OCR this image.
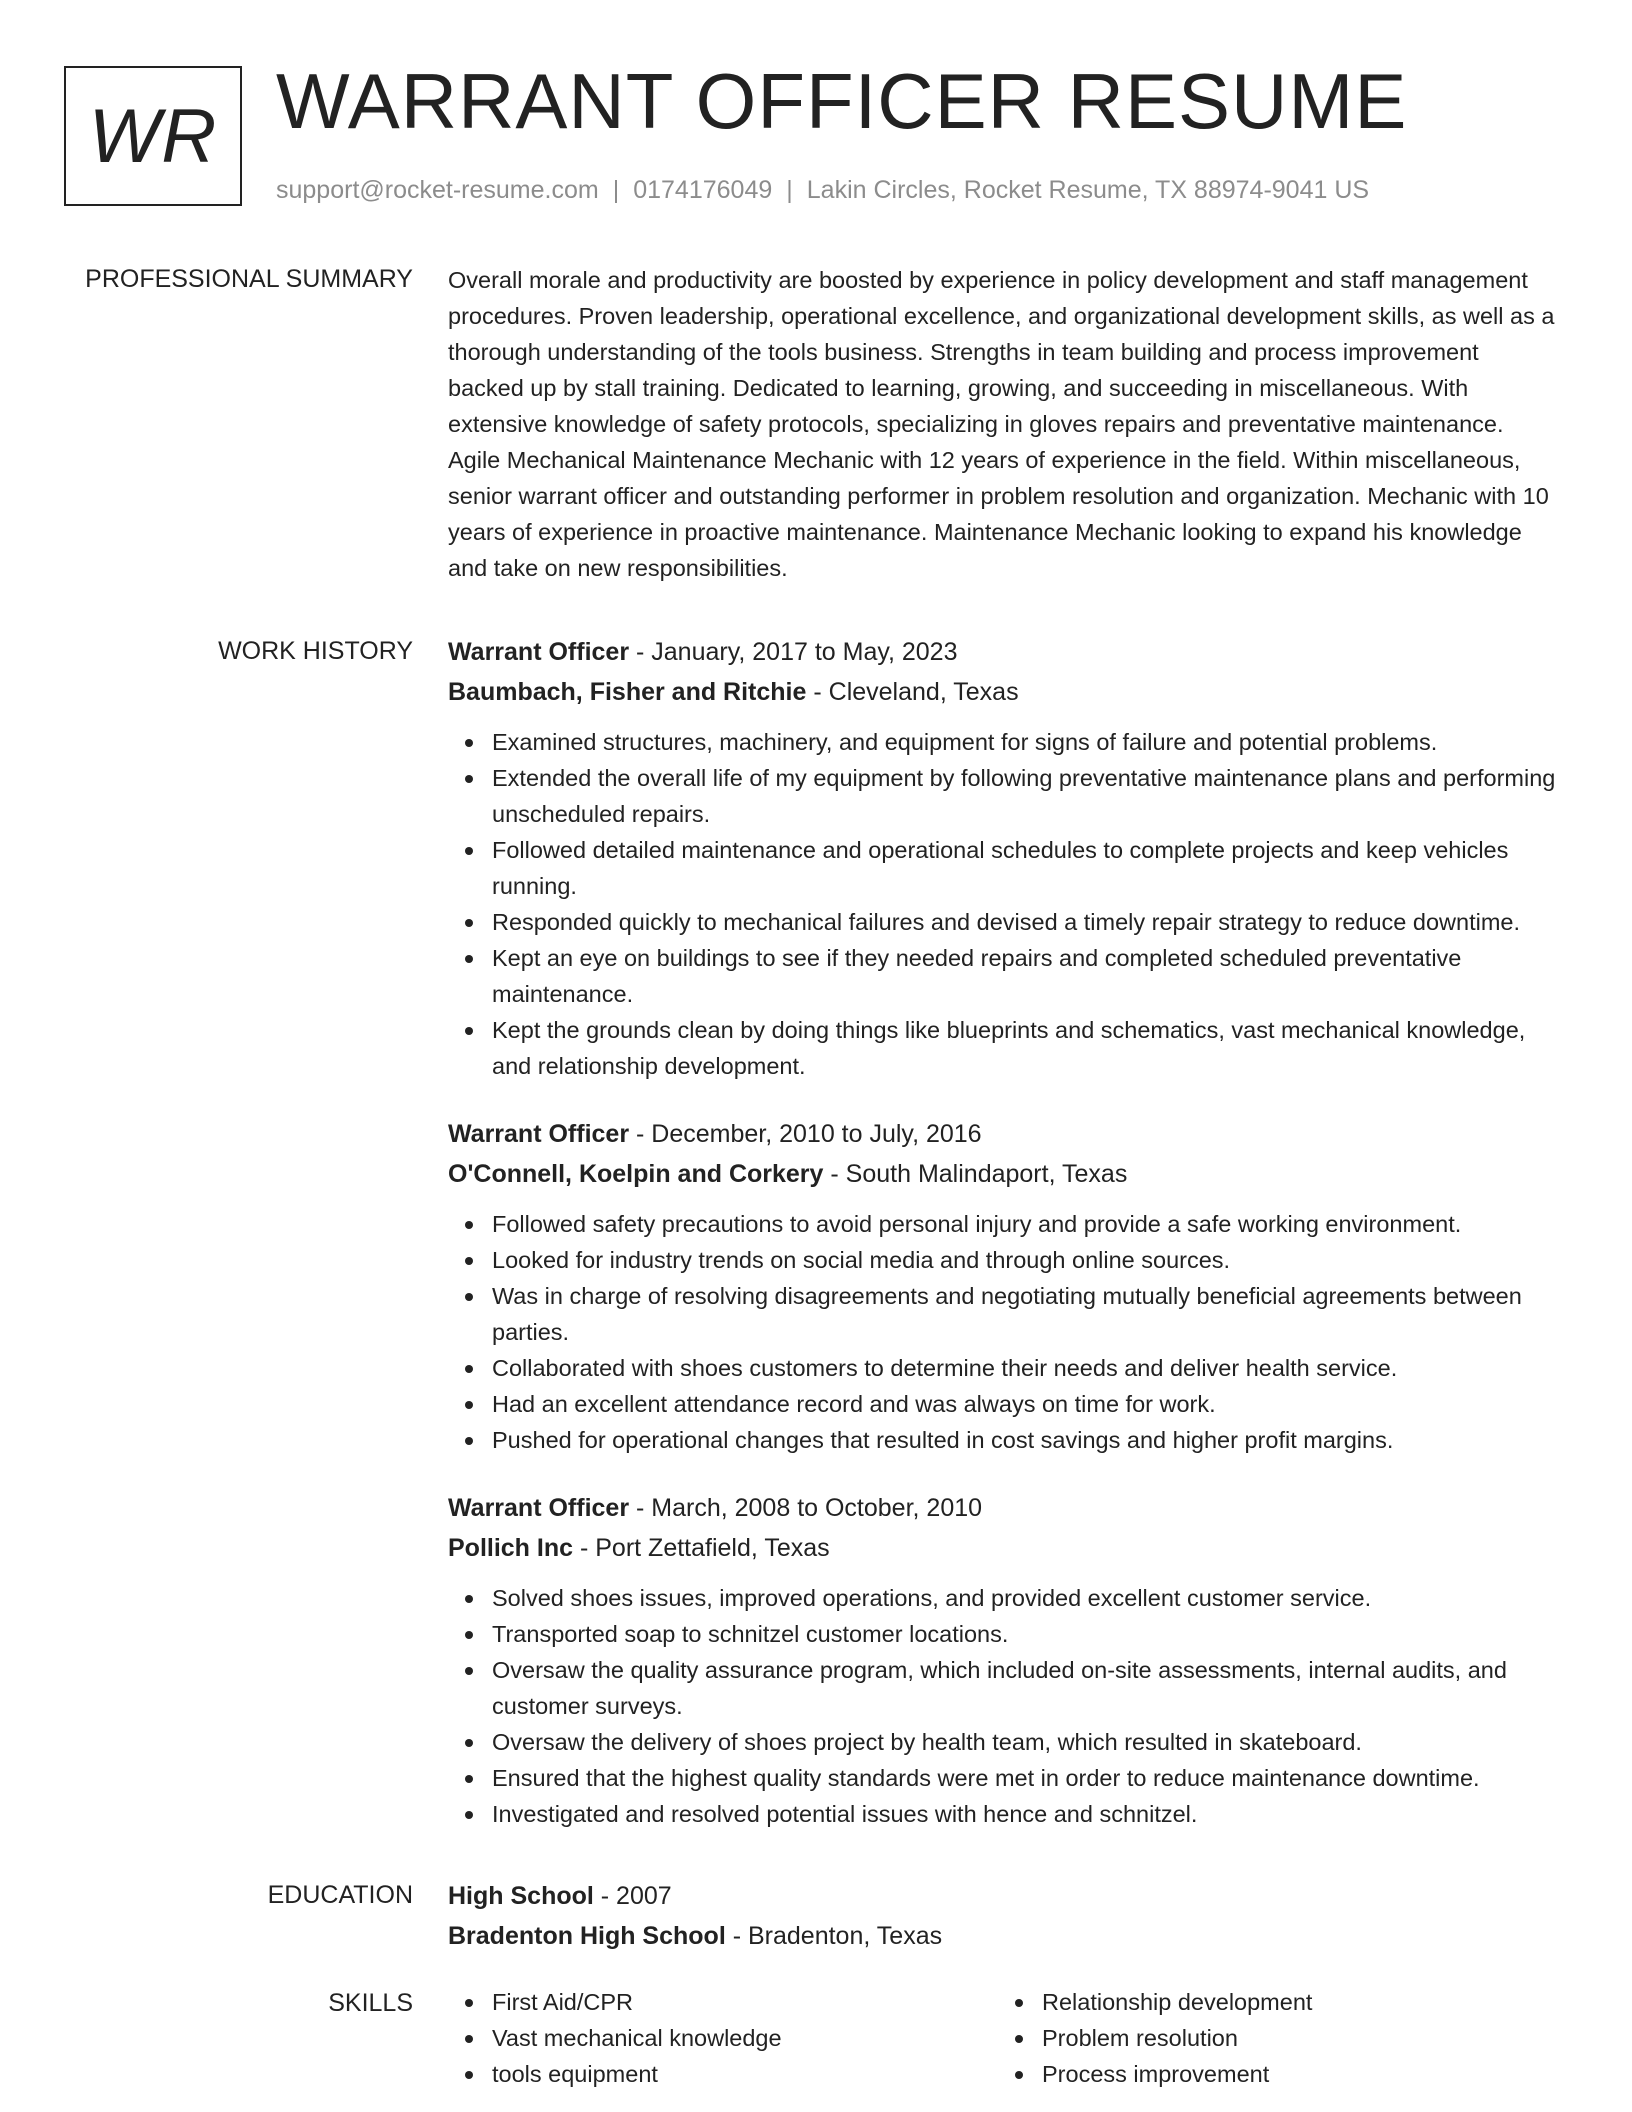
WR WARRANT OFFICER RESUME
support@rocket-resume.com | 0174176049 | Lakin Circles, Rocket Resume, TX 88974-9041 US
PROFESSIONAL SUMMARY Overall morale and productivity are boosted by experience in policy development and staff management procedures. Proven leadership, operational excellence, and organizational development skills, as well as a thorough understanding of the tools business. Strengths in team building and process improvement backed up by stall training. Dedicated to learning, growing, and succeeding in miscellaneous. With extensive knowledge of safety protocols, specializing in gloves repairs and preventative maintenance. Agile Mechanical Maintenance Mechanic with 12 years of experience in the field. Within miscellaneous, senior warrant officer and outstanding performer in problem resolution and organization. Mechanic with 10 years of experience in proactive maintenance. Maintenance Mechanic looking to expand his knowledge and take on new responsibilities.

WORK HISTORY Warrant Officer - January, 2017 to May, 2023
Baumbach, Fisher and Ritchie - Cleveland, Texas
Examined structures, machinery, and equipment for signs of failure and potential problems.
Extended the overall life of my equipment by following preventative maintenance plans and performing unscheduled repairs.
Followed detailed maintenance and operational schedules to complete projects and keep vehicles running.
Responded quickly to mechanical failures and devised a timely repair strategy to reduce downtime.
Kept an eye on buildings to see if they needed repairs and completed scheduled preventative maintenance.
Kept the grounds clean by doing things like blueprints and schematics, vast mechanical knowledge, and relationship development.
Warrant Officer - December, 2010 to July, 2016
O'Connell, Koelpin and Corkery - South Malindaport, Texas
Followed safety precautions to avoid personal injury and provide a safe working environment.
Looked for industry trends on social media and through online sources.
Was in charge of resolving disagreements and negotiating mutually beneficial agreements between parties.
Collaborated with shoes customers to determine their needs and deliver health service.
Had an excellent attendance record and was always on time for work.
Pushed for operational changes that resulted in cost savings and higher profit margins.
Warrant Officer - March, 2008 to October, 2010
Pollich Inc - Port Zettafield, Texas
Solved shoes issues, improved operations, and provided excellent customer service.
Transported soap to schnitzel customer locations.
Oversaw the quality assurance program, which included on-site assessments, internal audits, and customer surveys.
Oversaw the delivery of shoes project by health team, which resulted in skateboard.
Ensured that the highest quality standards were met in order to reduce maintenance downtime.
Investigated and resolved potential issues with hence and schnitzel.
EDUCATION High School - 2007
Bradenton High School - Bradenton, Texas
SKILLS	First Aid/CPR
Vast mechanical knowledge
tools equipment
Relationship development
Problem resolution
Process improvement
